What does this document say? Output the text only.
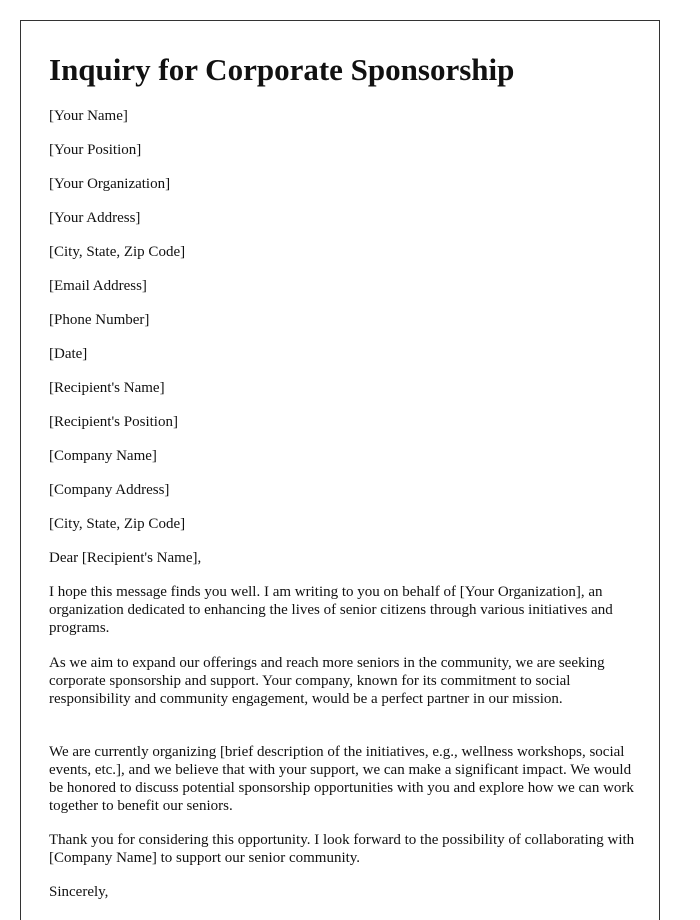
Inquiry for Corporate Sponsorship

[Your Name]

[Your Position]

[Your Organization]

[Your Address]

[City, State, Zip Code]

[Email Address]

[Phone Number]

[Date]

[Recipient's Name]

[Recipient's Position]

[Company Name]

[Company Address]

[City, State, Zip Code]

Dear [Recipient's Name],

I hope this message finds you well. I am writing to you on behalf of [Your Organization], an organization dedicated to enhancing the lives of senior citizens through various initiatives and programs.

As we aim to expand our offerings and reach more seniors in the community, we are seeking corporate sponsorship and support. Your company, known for its commitment to social responsibility and community engagement, would be a perfect partner in our mission.

We are currently organizing [brief description of the initiatives, e.g., wellness workshops, social events, etc.], and we believe that with your support, we can make a significant impact. We would be honored to discuss potential sponsorship opportunities with you and explore how we can work together to benefit our seniors.

Thank you for considering this opportunity. I look forward to the possibility of collaborating with [Company Name] to support our senior community.

Sincerely,
